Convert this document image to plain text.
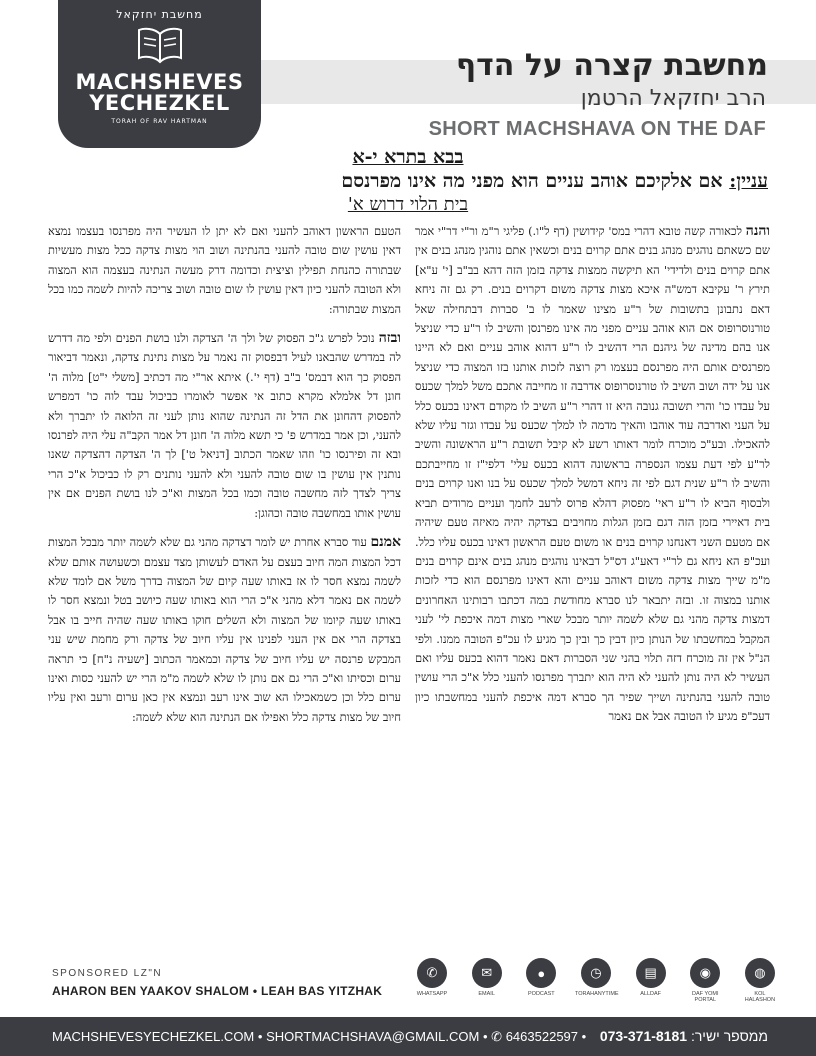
מחשבת יחזקאל
MACHSHEVES
YECHEZKEL
TORAH OF RAV HARTMAN
מחשבת קצרה על הדף
הרב יחזקאל הרטמן
SHORT MACHSHAVA ON THE DAF
בבא בתרא י-א
עניין: אם אלקיכם אוהב עניים הוא מפני מה אינו מפרנסם
בית הלוי דרוש א'

והנה לכאורה קשה טובא דהרי במס' קידושין (דף ל"ו.) פליגי ר"מ ור"י דר"י אמר שם כשאתם נוהגים מנהג בנים אתם קרוים בנים וכשאין אתם נוהגין מנהג בנים אין אתם קרוים בנים ולדידי' הא תיקשה ממצות צדקה בזמן הזה דהא בב"ב [י' ע"א] תירץ ר' עקיבא דמש"ה איכא מצות צדקה משום דקרוים בנים. רק גם זה ניחא דאם נתבונן בתשובות של ר"ע מצינו שאמר לו ב' סברות דבתחילה שאל טורנוסרופוס אם הוא אוהב עניים מפני מה אינו מפרנסן והשיב לו ר"ע כדי שניצל אנו בהם מדינה של גיהנם הרי דהשיב לו ר"ע דהוא אוהב עניים ואם לא היינו מפרנסים אותם היה מפרנסם בעצמו רק רוצה לזכות אותנו בזו המצוה כדי שניצל אנו על ידה ושוב השיב לו טורנוסרופוס אדרבה זו מחייבה אתכם משל למלך שכעס על עבדו כו' והרי תשובה גנובה היא זו דהרי ר"ע השיב לו מקודם דאינו בכעס כלל על העני ואדרבה עוד אוהבו והאיך מדמה לו למלך שכעס על עבדו וגזר עליו שלא להאכילו. ובע"כ מוכרח לומר דאותו רשע לא קיבל תשובת ר"ע הראשונה והשיב לר"ע לפי דעת עצמו הנספרה בראשונה דהוא בכעס עלי' דלפי"ז זו מחייבתכם והשיב לו ר"ע שנית דגם לפי זה ניחא דמשל למלך שכעס על בנו ואנו קרוים בנים ולבסוף הביא לו ר"ע ראי' מפסוק דהלא פרוס לרעב לחמך ועניים מרודים תביא בית דאיירי בזמן הזה דגם בזמן הגלות מחויבים בצדקה יהיה מאיזה טעם שיהיה אם מטעם השני דאנחנו קרוים בנים או משום טעם הראשון דאינו בכעס עליו כלל. ועכ"פ הא ניחא גם לר"י דאע"ג דס"ל דבאינו נוהגים מנהג בנים אינם קרוים בנים מ"מ שייך מצות צדקה משום דאוהב עניים והא דאינו מפרנסם הוא כדי לזכות אותנו במצוה זו. ובזה יתבאר לנו סברא מחודשת במה דכתבו רבותינו האחרונים דמצות צדקה מהני גם שלא לשמה יותר מבכל שארי מצות דמה איכפת לי' לעני המקבל במחשבתו של הנותן כיון דבין כך ובין כך מגיע לו עכ"פ הטובה ממנו. ולפי הנ"ל אין זה מוכרח דזה תלוי בהני שני הסברות דאם נאמר דהוא בכעס עליו ואם העשיר לא היה נותן להעני לא היה הוא יתברך מפרנסו להעני כלל א"כ הרי עושין טובה להעני בהנתינה ושייך שפיר הך סברא דמה איכפת להעני במחשבתו כיון דעכ"פ מגיע לו הטובה אבל אם נאמר

הטעם הראשון דאוהב להעני ואם לא יתן לו העשיר היה מפרנסו בעצמו נמצא דאין עושין שום טובה להעני בהנתינה ושוב הוי מצות צדקה ככל מצות מעשיות שבתורה כהנחת תפילין וציצית וכדומה דרק מעשה הנתינה בעצמה הוא המצוה ולא הטובה להעני כיון דאין עושין לו שום טובה ושוב צריכה להיות לשמה כמו בכל המצות שבתורה:

ובזה נוכל לפרש ג"כ הפסוק של ולך ה' הצדקה ולנו בושת הפנים ולפי מה דדרש לה במדרש שהבאנו לעיל דבפסוק זה נאמר על מצות נתינת צדקה, ונאמר דביאור הפסוק כך הוא דבמס' ב"ב (דף י'.) איתא אר"י מה דכתיב [משלי י"ט] מלוה ה' חונן דל אלמלא מקרא כתוב אי אפשר לאומרו כביכול עבד לוה כו' דמפרש להפסוק דהחונן את הדל זה הנתינה שהוא נותן לעני זה הלואה לו יתברך ולא להעני, וכן אמר במדרש פ' כי תשא מלוה ה' חונן דל אמר הקב"ה עלי היה לפרנסו ובא זה ופירנסו כו' וזהו שאמר הכתוב [דניאל ט'] לך ה' הצדקה דהצדקה שאנו נותנין אין עושין בו שום טובה להעני ולא להעני נותנים רק לו כביכול א"כ הרי צריך לצדך לזה מחשבה טובה וכמו בכל המצות וא"כ לנו בושת הפנים אם אין עושין אותו במחשבה טובה וכהוגן:

אמנם עוד סברא אחרת יש לומר דצדקה מהני גם שלא לשמה יותר מבכל המצות דכל המצות המה חיוב בעצם על האדם לעשותן מצד עצמם וכשעושה אותם שלא לשמה נמצא חסר לו אז באותו שעה קיום של המצוה בדרך משל אם לומד שלא לשמה אם נאמר דלא מהני א"כ הרי הוא באותו שעה כיושב בטל ונמצא חסר לו באותו שעה קיומו של המצוה ולא השלים חוקו באותו שעה שהיה חייב בו אבל בצדקה הרי אם אין העני לפנינו אין עליו חיוב של צדקה ורק מחמת שיש עני המבקש פרנסה יש עליו חיוב של צדקה וכמאמר הכתוב [ישעיה נ"ח] כי תראה ערום וכסיתו וא"כ הרי גם אם נותן לו שלא לשמה מ"מ הרי יש להעני כסות ואינו ערום כלל וכן כשמאכילו הא שוב אינו רעב ונמצא אין כאן ערום ורעב ואין עליו חיוב של מצות צדקה כלל ואפילו אם הנתינה הוא שלא לשמה:

SPONSORED LZ"N
AHARON BEN YAAKOV SHALOM • LEAH BAS YITZHAK
✆
WHATSAPP
✉
EMAIL
●
PODCAST
◷
TORAHANYTIME
▤
ALLDAF
◉
DAF YOMI PORTAL
◍
KOL HALASHON
MACHSHEVESYECHEZKEL.COM • SHORTMACHSHAVA@GMAIL.COM • ✆ 6463522597 •	ממספר ישיר: 073-371-8181
